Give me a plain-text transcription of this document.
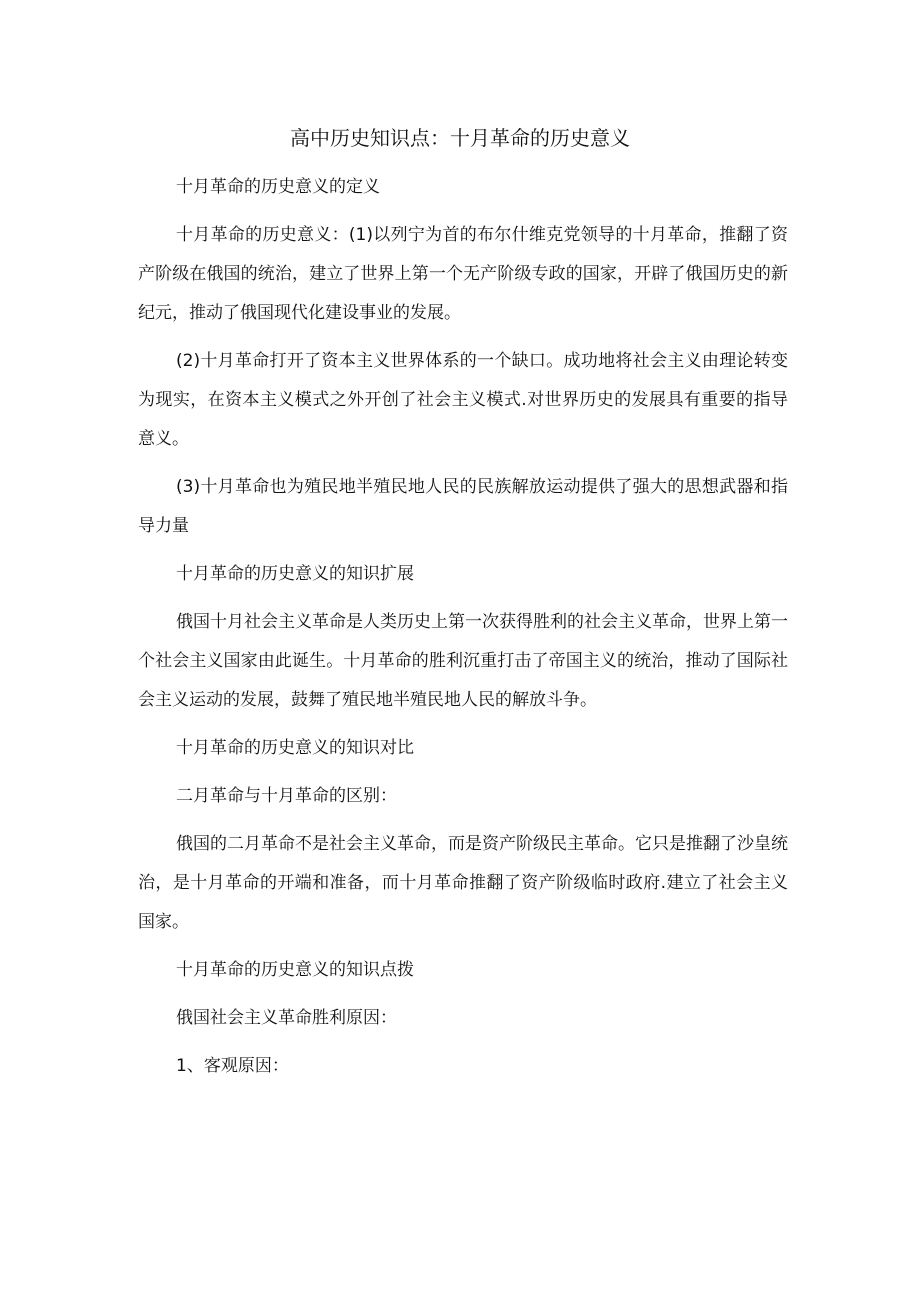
高中历史知识点：十月革命的历史意义

十月革命的历史意义的定义

十月革命的历史意义：(1)以列宁为首的布尔什维克党领导的十月革命，推翻了资产阶级在俄国的统治，建立了世界上第一个无产阶级专政的国家，开辟了俄国历史的新纪元，推动了俄国现代化建设事业的发展。

(2)十月革命打开了资本主义世界体系的一个缺口。成功地将社会主义由理论转变为现实，在资本主义模式之外开创了社会主义模式.对世界历史的发展具有重要的指导意义。

(3)十月革命也为殖民地半殖民地人民的民族解放运动提供了强大的思想武器和指导力量

十月革命的历史意义的知识扩展

俄国十月社会主义革命是人类历史上第一次获得胜利的社会主义革命，世界上第一个社会主义国家由此诞生。十月革命的胜利沉重打击了帝国主义的统治，推动了国际社会主义运动的发展，鼓舞了殖民地半殖民地人民的解放斗争。

十月革命的历史意义的知识对比

二月革命与十月革命的区别：

俄国的二月革命不是社会主义革命，而是资产阶级民主革命。它只是推翻了沙皇统治，是十月革命的开端和准备，而十月革命推翻了资产阶级临时政府.建立了社会主义国家。

十月革命的历史意义的知识点拨

俄国社会主义革命胜利原因：

1、客观原因：
